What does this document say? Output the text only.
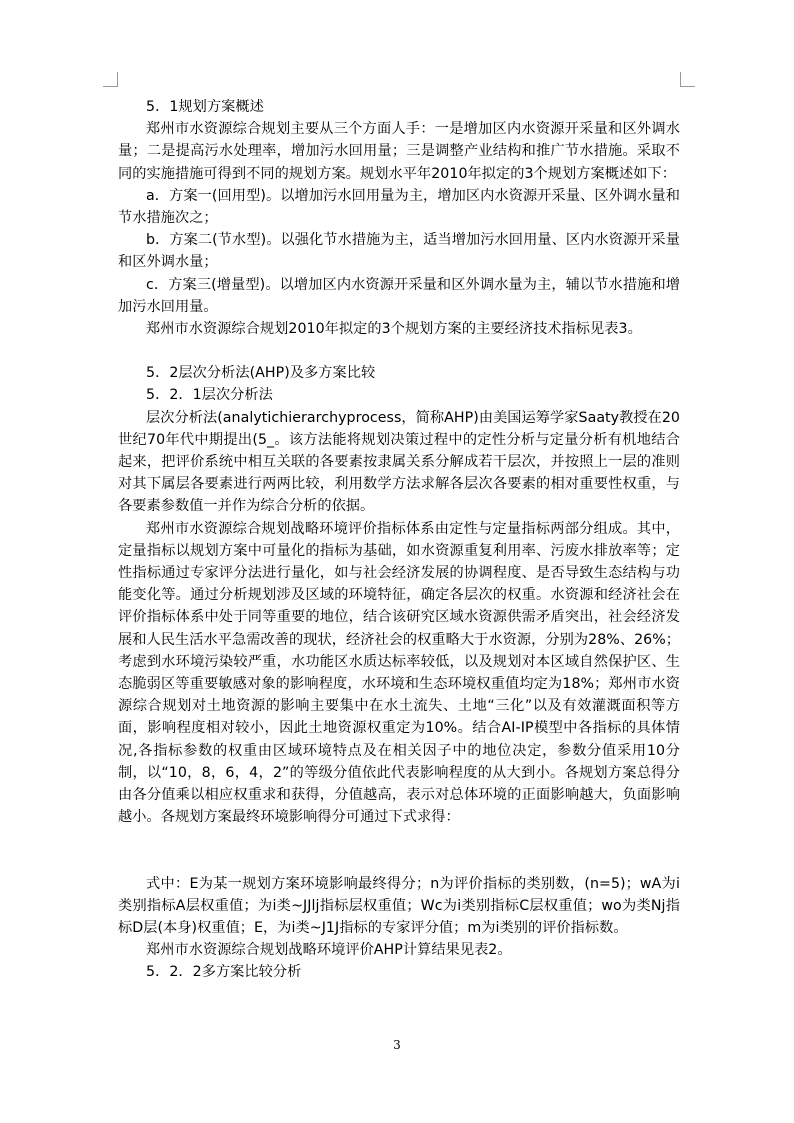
5．1规划方案概述

郑州市水资源综合规划主要从三个方面人手：一是增加区内水资源开采量和区外调水量；二是提高污水处理率，增加污水回用量；三是调整产业结构和推广节水措施。采取不同的实施措施可得到不同的规划方案。规划水平年2010年拟定的3个规划方案概述如下：

a．方案一(回用型)。以增加污水回用量为主，增加区内水资源开采量、区外调水量和节水措施次之；

b．方案二(节水型)。以强化节水措施为主，适当增加污水回用量、区内水资源开采量和区外调水量；

c．方案三(增量型)。以增加区内水资源开采量和区外调水量为主，辅以节水措施和增加污水回用量。

郑州市水资源综合规划2010年拟定的3个规划方案的主要经济技术指标见表3。

5．2层次分析法(AHP)及多方案比较

5．2．1层次分析法

层次分析法(analytichierarchyprocess，简称AHP)由美国运筹学家Saaty教授在20世纪70年代中期提出(5_。该方法能将规划决策过程中的定性分析与定量分析有机地结合起来，把评价系统中相互关联的各要素按隶属关系分解成若干层次，并按照上一层的准则对其下属层各要素进行两两比较，利用数学方法求解各层次各要素的相对重要性权重，与各要素参数值一并作为综合分析的依据。

郑州市水资源综合规划战略环境评价指标体系由定性与定量指标两部分组成。其中，定量指标以规划方案中可量化的指标为基础，如水资源重复利用率、污废水排放率等；定性指标通过专家评分法进行量化，如与社会经济发展的协调程度、是否导致生态结构与功能变化等。通过分析规划涉及区域的环境特征，确定各层次的权重。水资源和经济社会在评价指标体系中处于同等重要的地位，结合该研究区域水资源供需矛盾突出，社会经济发展和人民生活水平急需改善的现状，经济社会的权重略大于水资源，分别为28%、26%；考虑到水环境污染较严重，水功能区水质达标率较低，以及规划对本区域自然保护区、生态脆弱区等重要敏感对象的影响程度，水环境和生态环境权重值均定为18%；郑州市水资源综合规划对土地资源的影响主要集中在水土流失、土地“三化”以及有效灌溉面积等方面，影响程度相对较小，因此土地资源权重定为10%。结合AI-IP模型中各指标的具体情况,各指标参数的权重由区域环境特点及在相关因子中的地位决定，参数分值采用10分制，以“10，8，6，4，2”的等级分值依此代表影响程度的从大到小。各规划方案总得分由各分值乘以相应权重求和获得，分值越高，表示对总体环境的正面影响越大，负面影响越小。各规划方案最终环境影响得分可通过下式求得：

式中：E为某一规划方案环境影响最终得分；n为评价指标的类别数，(n=5)；wA为i类别指标A层权重值；为i类~JJlj指标层权重值；Wc为i类别指标C层权重值；wo为类Nj指标D层(本身)权重值；E，为i类~J1J指标的专家评分值；m为i类别的评价指标数。

郑州市水资源综合规划战略环境评价AHP计算结果见表2。

5．2．2多方案比较分析

3
